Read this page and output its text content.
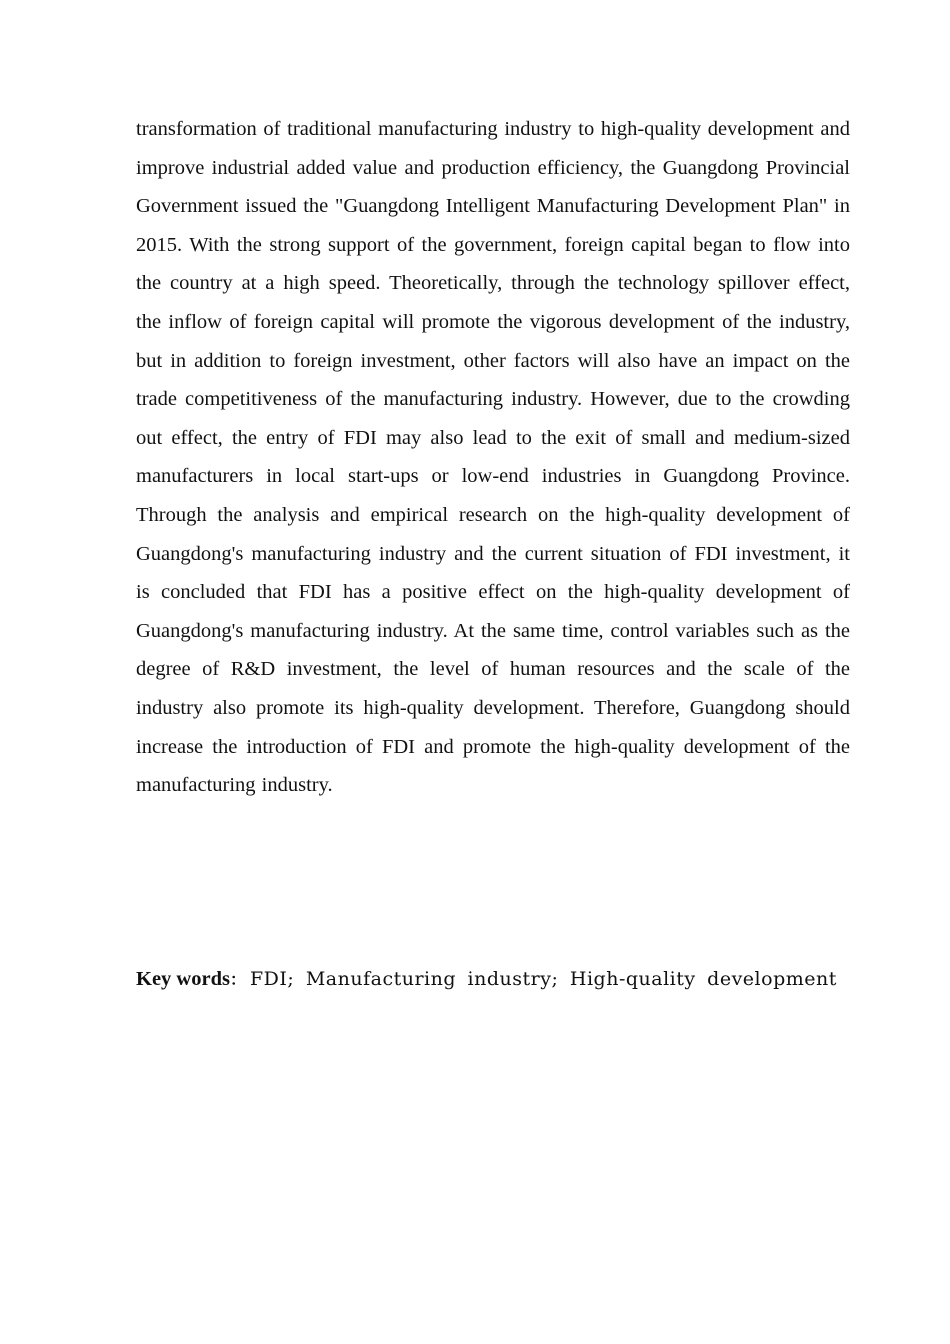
transformation of traditional manufacturing industry to high-quality development and improve industrial added value and production efficiency, the Guangdong Provincial Government issued the "Guangdong Intelligent Manufacturing Development Plan" in 2015. With the strong support of the government, foreign capital began to flow into the country at a high speed. Theoretically, through the technology spillover effect, the inflow of foreign capital will promote the vigorous development of the industry, but in addition to foreign investment, other factors will also have an impact on the trade competitiveness of the manufacturing industry. However, due to the crowding out effect, the entry of FDI may also lead to the exit of small and medium-sized manufacturers in local start-ups or low-end industries in Guangdong Province. Through the analysis and empirical research on the high-quality development of Guangdong's manufacturing industry and the current situation of FDI investment, it is concluded that FDI has a positive effect on the high-quality development of Guangdong's manufacturing industry. At the same time, control variables such as the degree of R&D investment, the level of human resources and the scale of the industry also promote its high-quality development. Therefore, Guangdong should increase the introduction of FDI and promote the high-quality development of the manufacturing industry.

Key words： FDI; Manufacturing industry; High-quality development
